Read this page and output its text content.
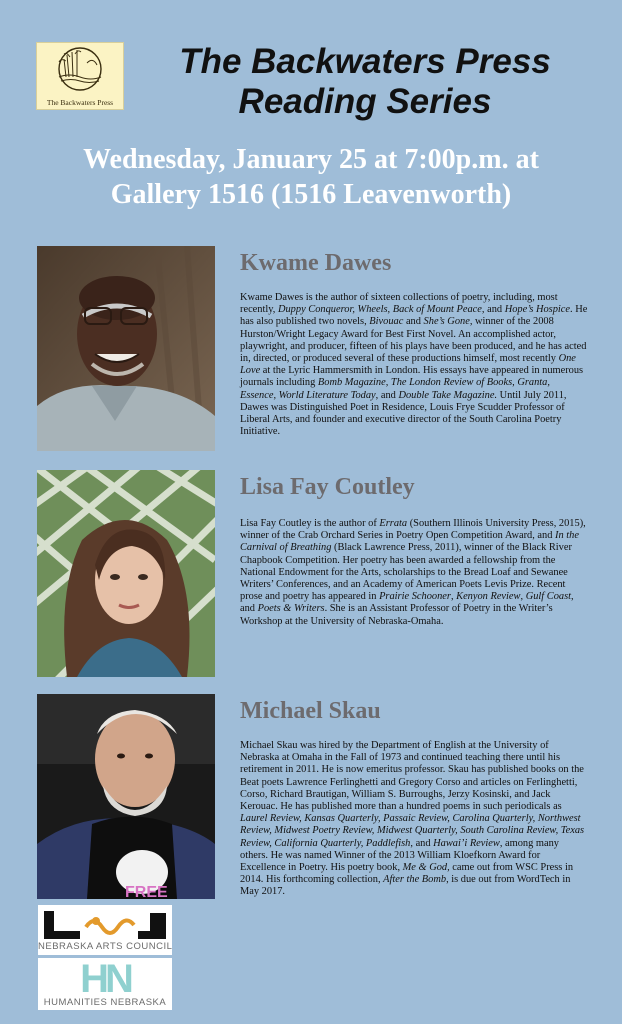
The Backwaters Press
The Backwaters Press
Reading Series
Wednesday, January 25 at 7:00p.m. at
Gallery 1516 (1516 Leavenworth)
Kwame Dawes
Kwame Dawes is the author of sixteen collections of poetry, including, most recently, Duppy Conqueror, Wheels, Back of Mount Peace, and Hope’s Hospice. He has also published two novels, Bivouac and She’s Gone, winner of the 2008 Hurston/Wright Legacy Award for Best First Novel. An accomplished actor, playwright, and producer, fifteen of his plays have been produced, and he has acted in, directed, or produced several of these productions himself, most recently One Love at the Lyric Hammersmith in London. His essays have appeared in numerous journals including Bomb Magazine, The London Review of Books, Granta, Essence, World Literature Today, and Double Take Magazine. Until July 2011, Dawes was Distinguished Poet in Residence, Louis Frye Scudder Professor of Liberal Arts, and founder and executive director of the South Carolina Poetry Initiative.
Lisa Fay Coutley
Lisa Fay Coutley is the author of Errata (Southern Illinois University Press, 2015), winner of the Crab Orchard Series in Poetry Open Competition Award, and In the Carnival of Breathing (Black Lawrence Press, 2011), winner of the Black River Chapbook Competition. Her poetry has been awarded a fellowship from the National Endowment for the Arts, scholarships to the Bread Loaf and Sewanee Writers’ Conferences, and an Academy of American Poets Levis Prize. Recent prose and poetry has appeared in Prairie Schooner, Kenyon Review, Gulf Coast, and Poets & Writers. She is an Assistant Professor of Poetry in the Writer’s Workshop at the University of Nebraska-Omaha.
FREE
Michael Skau
Michael Skau was hired by the Department of English at the University of Nebraska at Omaha in the Fall of 1973 and continued teaching there until his retirement in 2011. He is now emeritus professor. Skau has published books on the Beat poets Lawrence Ferlinghetti and Gregory Corso and articles on Ferlinghetti, Corso, Richard Brautigan, William S. Burroughs, Jerzy Kosinski, and Jack Kerouac. He has published more than a hundred poems in such periodicals as Laurel Review, Kansas Quarterly, Passaic Review, Carolina Quarterly, Northwest Review, Midwest Poetry Review, Midwest Quarterly, South Carolina Review, Texas Review, California Quarterly, Paddlefish, and Hawai’i Review, among many others. He was named Winner of the 2013 William Kloefkorn Award for Excellence in Poetry. His poetry book, Me & God, came out from WSC Press in 2014. His forthcoming collection, After the Bomb, is due out from WordTech in May 2017.
NEBRASKA ARTS COUNCIL
HN
HUMANITIES NEBRASKA
